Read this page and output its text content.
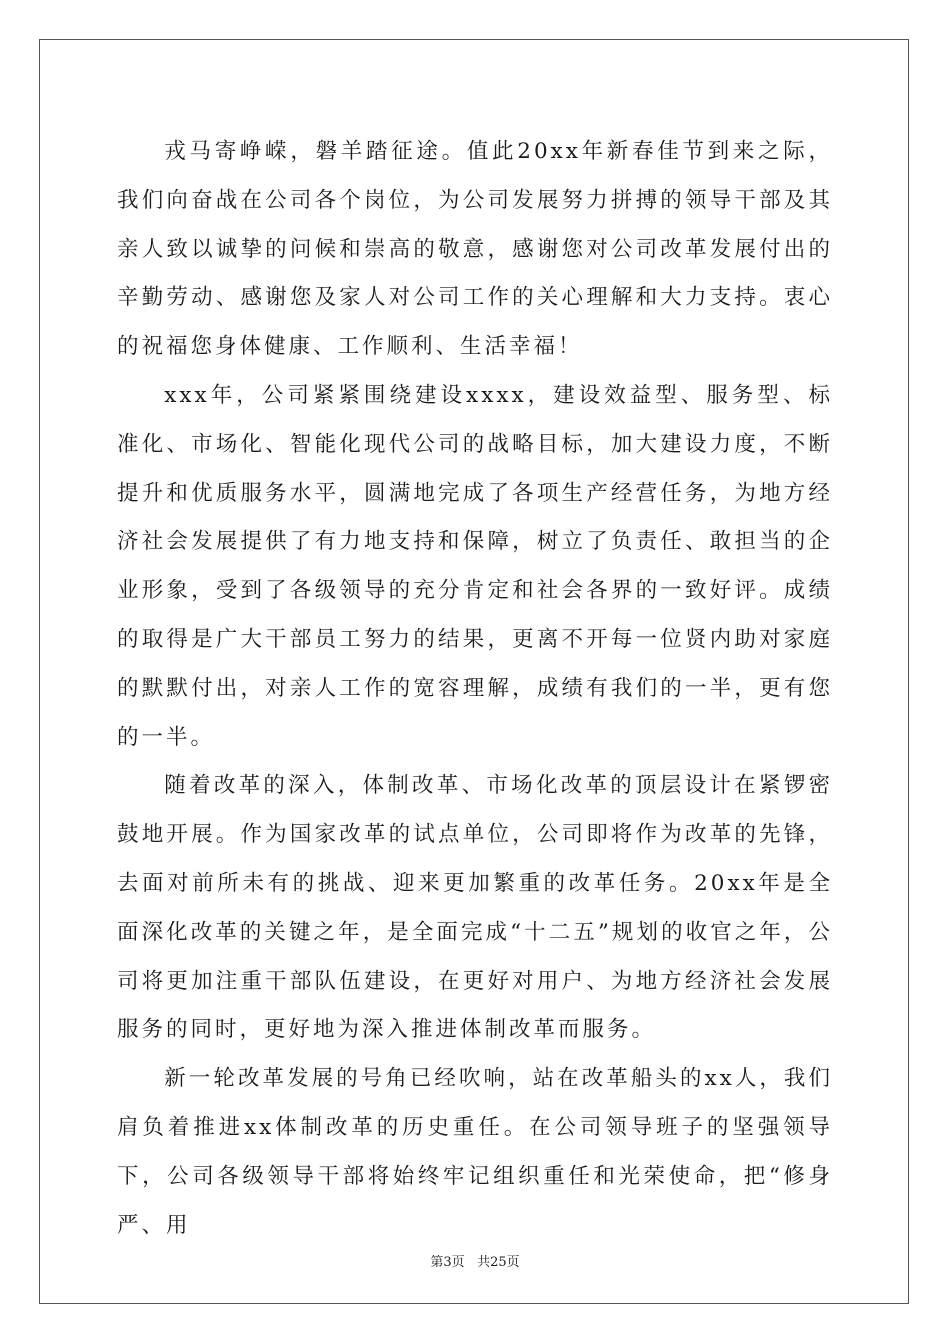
戎马寄峥嵘，磐羊踏征途。值此20xx年新春佳节到来之际，我们向奋战在公司各个岗位，为公司发展努力拼搏的领导干部及其亲人致以诚挚的问候和崇高的敬意，感谢您对公司改革发展付出的辛勤劳动、感谢您及家人对公司工作的关心理解和大力支持。衷心的祝福您身体健康、工作顺利、生活幸福！

xxx年，公司紧紧围绕建设xxxx，建设效益型、服务型、标准化、市场化、智能化现代公司的战略目标，加大建设力度，不断提升和优质服务水平，圆满地完成了各项生产经营任务，为地方经济社会发展提供了有力地支持和保障，树立了负责任、敢担当的企业形象，受到了各级领导的充分肯定和社会各界的一致好评。成绩的取得是广大干部员工努力的结果，更离不开每一位贤内助对家庭的默默付出，对亲人工作的宽容理解，成绩有我们的一半，更有您的一半。

随着改革的深入，体制改革、市场化改革的顶层设计在紧锣密鼓地开展。作为国家改革的试点单位，公司即将作为改革的先锋，去面对前所未有的挑战、迎来更加繁重的改革任务。20xx年是全面深化改革的关键之年，是全面完成“十二五”规划的收官之年，公司将更加注重干部队伍建设，在更好对用户、为地方经济社会发展服务的同时，更好地为深入推进体制改革而服务。

新一轮改革发展的号角已经吹响，站在改革船头的xx人，我们肩负着推进xx体制改革的历史重任。在公司领导班子的坚强领导下，公司各级领导干部将始终牢记组织重任和光荣使命，把“修身严、用

第3页 共25页
